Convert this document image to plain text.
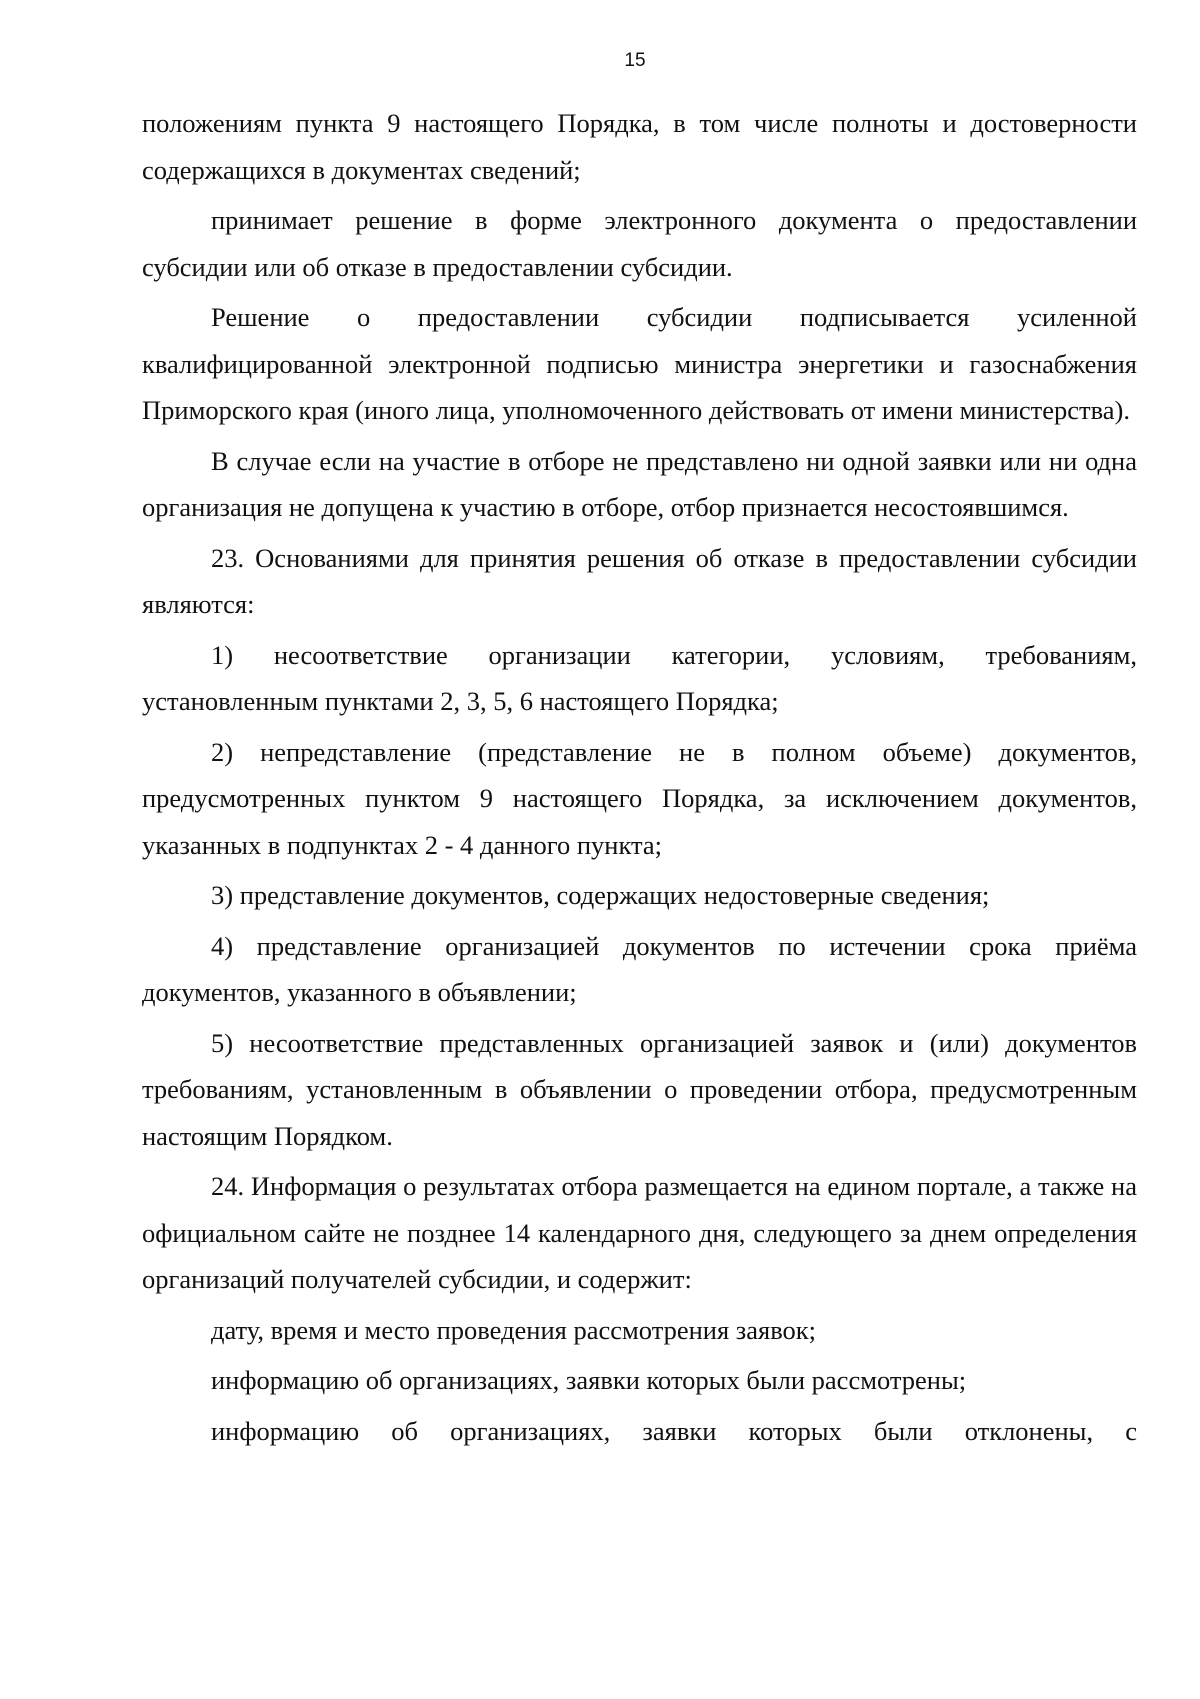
15

положениям пункта 9 настоящего Порядка, в том числе полноты и достоверности содержащихся в документах сведений;

принимает решение в форме электронного документа о предоставлении субсидии или об отказе в предоставлении субсидии.

Решение о предоставлении субсидии подписывается усиленной квалифицированной электронной подписью министра энергетики и газоснабжения Приморского края (иного лица, уполномоченного действовать от имени министерства).

В случае если на участие в отборе не представлено ни одной заявки или ни одна организация не допущена к участию в отборе, отбор признается несостоявшимся.

23. Основаниями для принятия решения об отказе в предоставлении субсидии являются:

1) несоответствие организации категории, условиям, требованиям, установленным пунктами 2, 3, 5, 6 настоящего Порядка;

2) непредставление (представление не в полном объеме) документов, предусмотренных пунктом 9 настоящего Порядка, за исключением документов, указанных в подпунктах 2 - 4 данного пункта;

3) представление документов, содержащих недостоверные сведения;

4) представление организацией документов по истечении срока приёма документов, указанного в объявлении;

5) несоответствие представленных организацией заявок и (или) документов требованиям, установленным в объявлении о проведении отбора, предусмотренным настоящим Порядком.

24. Информация о результатах отбора размещается на едином портале, а также на официальном сайте не позднее 14 календарного дня, следующего за днем определения организаций получателей субсидии, и содержит:

дату, время и место проведения рассмотрения заявок;

информацию об организациях, заявки которых были рассмотрены;

информацию об организациях, заявки которых были отклонены, с
